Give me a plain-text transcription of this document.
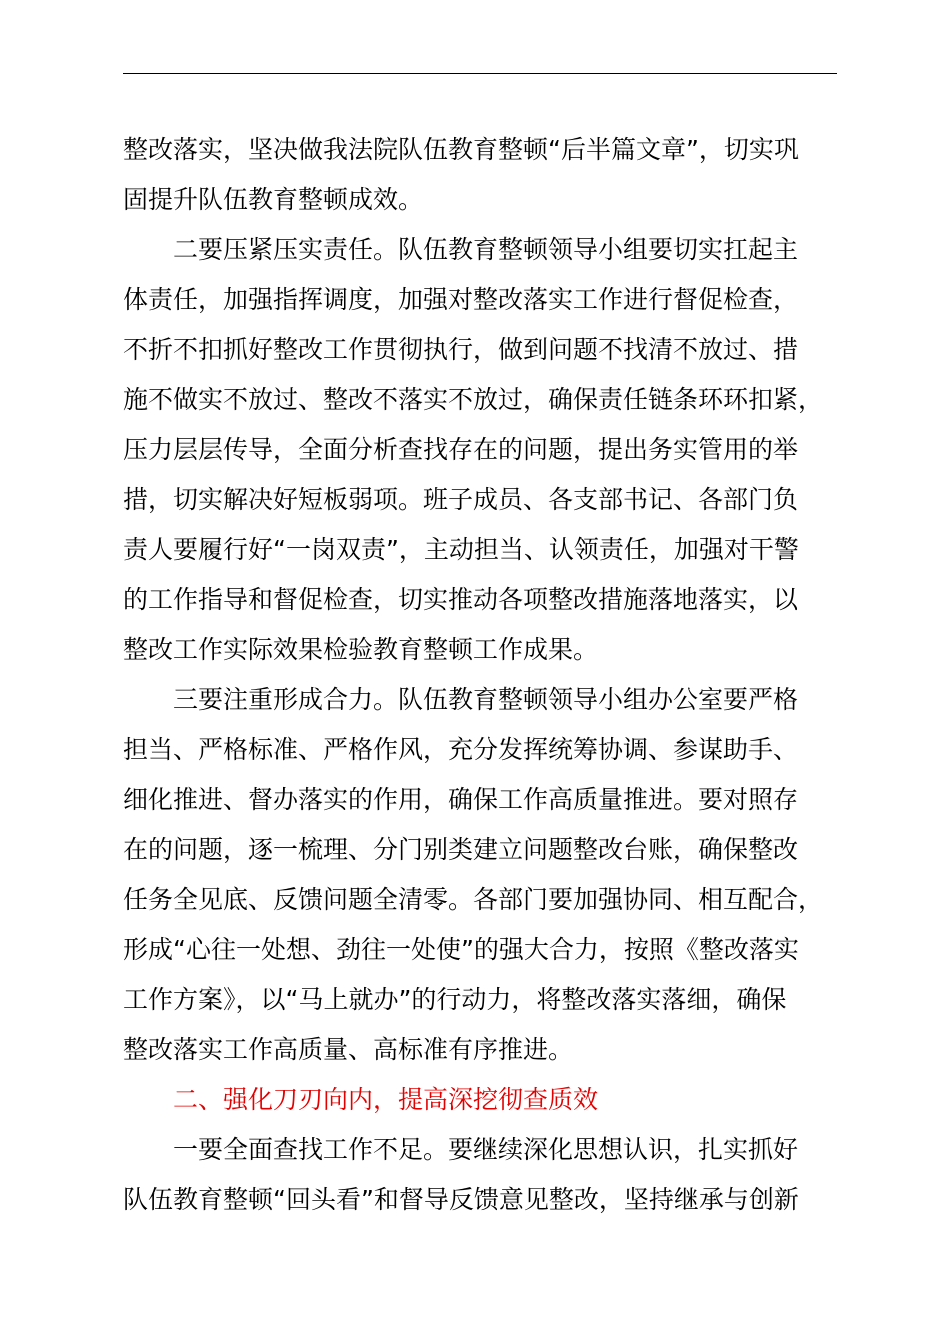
整改落实，坚决做我法院队伍教育整顿“后半篇文章”，切实巩
固提升队伍教育整顿成效。
二要压紧压实责任。队伍教育整顿领导小组要切实扛起主
体责任，加强指挥调度，加强对整改落实工作进行督促检查，
不折不扣抓好整改工作贯彻执行，做到问题不找清不放过、措
施不做实不放过、整改不落实不放过，确保责任链条环环扣紧，
压力层层传导，全面分析查找存在的问题，提出务实管用的举
措，切实解决好短板弱项。班子成员、各支部书记、各部门负
责人要履行好“一岗双责”，主动担当、认领责任，加强对干警
的工作指导和督促检查，切实推动各项整改措施落地落实，以
整改工作实际效果检验教育整顿工作成果。
三要注重形成合力。队伍教育整顿领导小组办公室要严格
担当、严格标准、严格作风，充分发挥统筹协调、参谋助手、
细化推进、督办落实的作用，确保工作高质量推进。要对照存
在的问题，逐一梳理、分门别类建立问题整改台账，确保整改
任务全见底、反馈问题全清零。各部门要加强协同、相互配合，
形成“心往一处想、劲往一处使”的强大合力，按照《整改落实
工作方案》，以“马上就办”的行动力，将整改落实落细，确保
整改落实工作高质量、高标准有序推进。
二、强化刀刃向内，提高深挖彻查质效
一要全面查找工作不足。要继续深化思想认识，扎实抓好
队伍教育整顿“回头看”和督导反馈意见整改，坚持继承与创新
